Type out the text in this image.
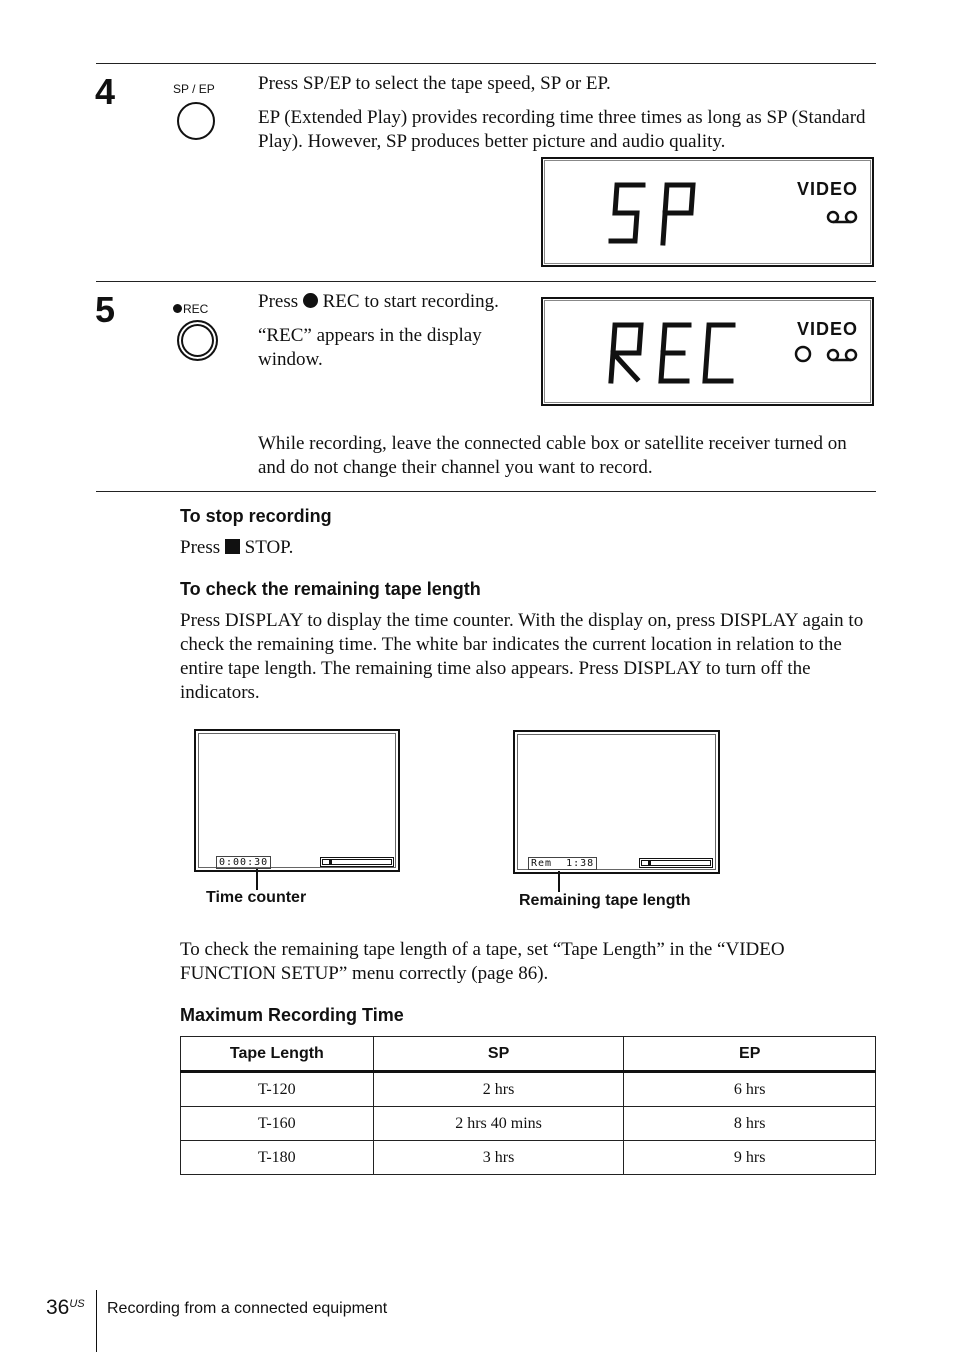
4	SP / EP Press SP/EP to select the tape speed, SP or EP.
EP (Extended Play) provides recording time three times as long as SP (Standard Play). However, SP produces better picture and audio quality.
VIDEO
5	REC	Press REC to start recording.
“REC” appears in the display window.
VIDEO
While recording, leave the connected cable box or satellite receiver turned on and do not change their channel you want to record.
To stop recording
Press STOP.
To check the remaining tape length
Press DISPLAY to display the time counter. With the display on, press DISPLAY again to check the remaining time. The white bar indicates the current location in relation to the entire tape length. The remaining time also appears. Press DISPLAY to turn off the indicators.
0:00:30
Time counter
Rem  1:38
Remaining tape length
To check the remaining tape length of a tape, set “Tape Length” in the “VIDEO FUNCTION SETUP” menu correctly (page 86).
Maximum Recording Time
Tape Length	SP	EP
T-120	2 hrs	6 hrs
T-160	2 hrs 40 mins	8 hrs
T-180	3 hrs	9 hrs
$36^{US}$ Recording from a connected equipment
